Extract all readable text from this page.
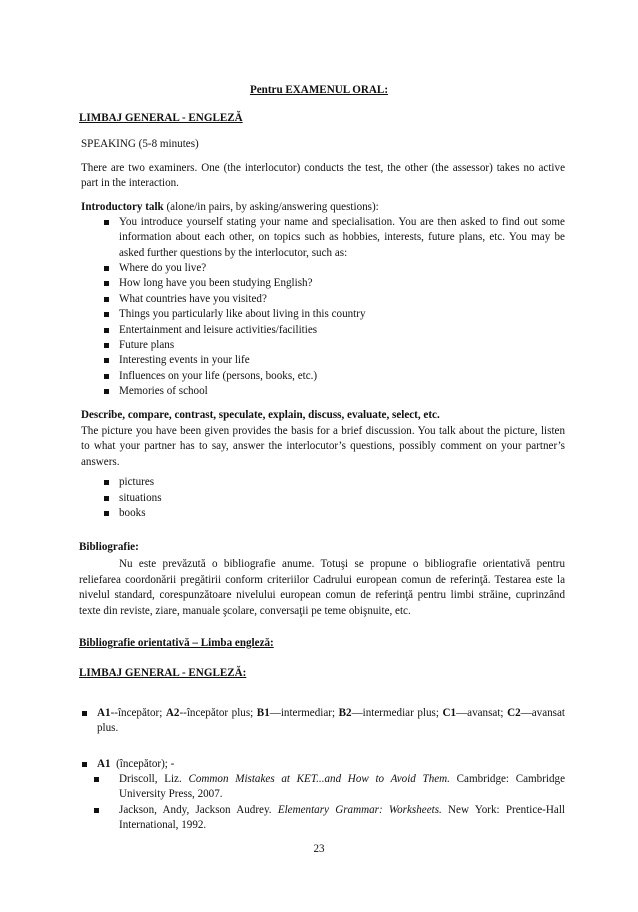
Pentru EXAMENUL ORAL:
LIMBAJ GENERAL - ENGLEZĂ
SPEAKING (5-8 minutes)
There are two examiners. One (the interlocutor) conducts the test, the other (the assessor) takes no active part in the interaction.
Introductory talk (alone/in pairs, by asking/answering questions):
You introduce yourself stating your name and specialisation. You are then asked to find out some information about each other, on topics such as hobbies, interests, future plans, etc. You may be asked further questions by the interlocutor, such as:
Where do you live?
How long have you been studying English?
What countries have you visited?
Things you particularly like about living in this country
Entertainment and leisure activities/facilities
Future plans
Interesting events in your life
Influences on your life (persons, books, etc.)
Memories of school
Describe, compare, contrast, speculate, explain, discuss, evaluate, select, etc.
The picture you have been given provides the basis for a brief discussion. You talk about the picture, listen to what your partner has to say, answer the interlocutor’s questions, possibly comment on your partner’s answers.
pictures
situations
books
Bibliografie:
Nu este prevăzută o bibliografie anume. Totuşi se propune o bibliografie orientativă pentru
reliefarea coordonării pregătirii conform criteriilor Cadrului european comun de referinţă. Testarea este la nivelul standard, corespunzătoare nivelului european comun de referinţă pentru limbi străine, cuprinzând texte din reviste, ziare, manuale şcolare, conversaţii pe teme obişnuite, etc.
Bibliografie orientativă – Limba engleză:
LIMBAJ GENERAL - ENGLEZĂ:
A1--începător; A2--începător plus; B1—intermediar; B2—intermediar plus; C1—avansat; C2—avansat plus.
A1 (începător); -
Driscoll, Liz. Common Mistakes at KET...and How to Avoid Them. Cambridge: Cambridge University Press, 2007.
Jackson, Andy, Jackson Audrey. Elementary Grammar: Worksheets. New York: Prentice-Hall International, 1992.
23
